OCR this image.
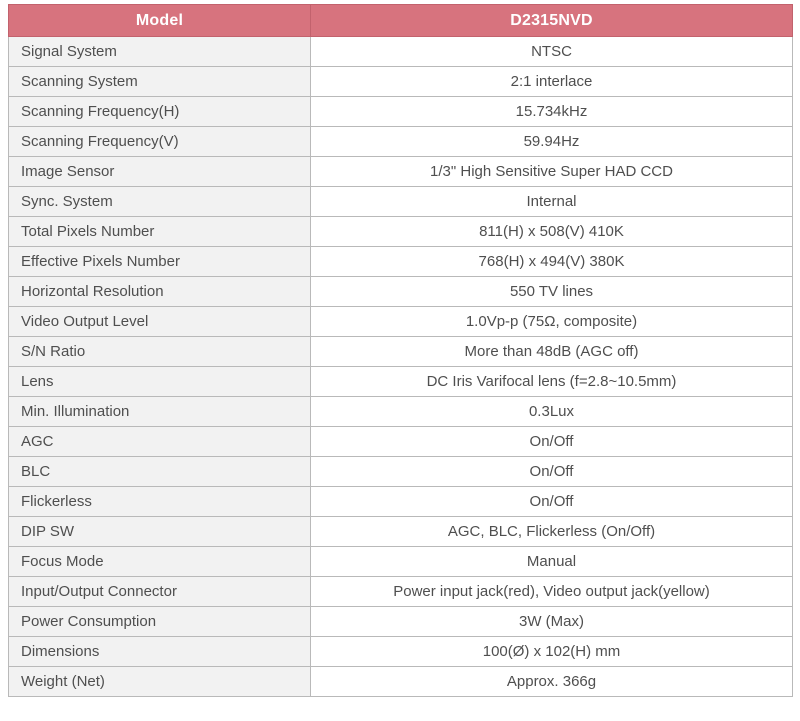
Model	D2315NVD
Signal System	NTSC
Scanning System	2:1 interlace
Scanning Frequency(H)	15.734kHz
Scanning Frequency(V)	59.94Hz
Image Sensor	1/3" High Sensitive Super HAD CCD
Sync. System	Internal
Total Pixels Number	811(H) x 508(V) 410K
Effective Pixels Number	768(H) x 494(V) 380K
Horizontal Resolution	550 TV lines
Video Output Level	1.0Vp-p (75Ω, composite)
S/N Ratio	More than 48dB (AGC off)
Lens	DC Iris Varifocal lens (f=2.8~10.5mm)
Min. Illumination	0.3Lux
AGC	On/Off
BLC	On/Off
Flickerless	On/Off
DIP SW	AGC, BLC, Flickerless (On/Off)
Focus Mode	Manual
Input/Output Connector	Power input jack(red), Video output jack(yellow)
Power Consumption	3W (Max)
Dimensions	100(Ø) x 102(H) mm
Weight (Net)	Approx. 366g
